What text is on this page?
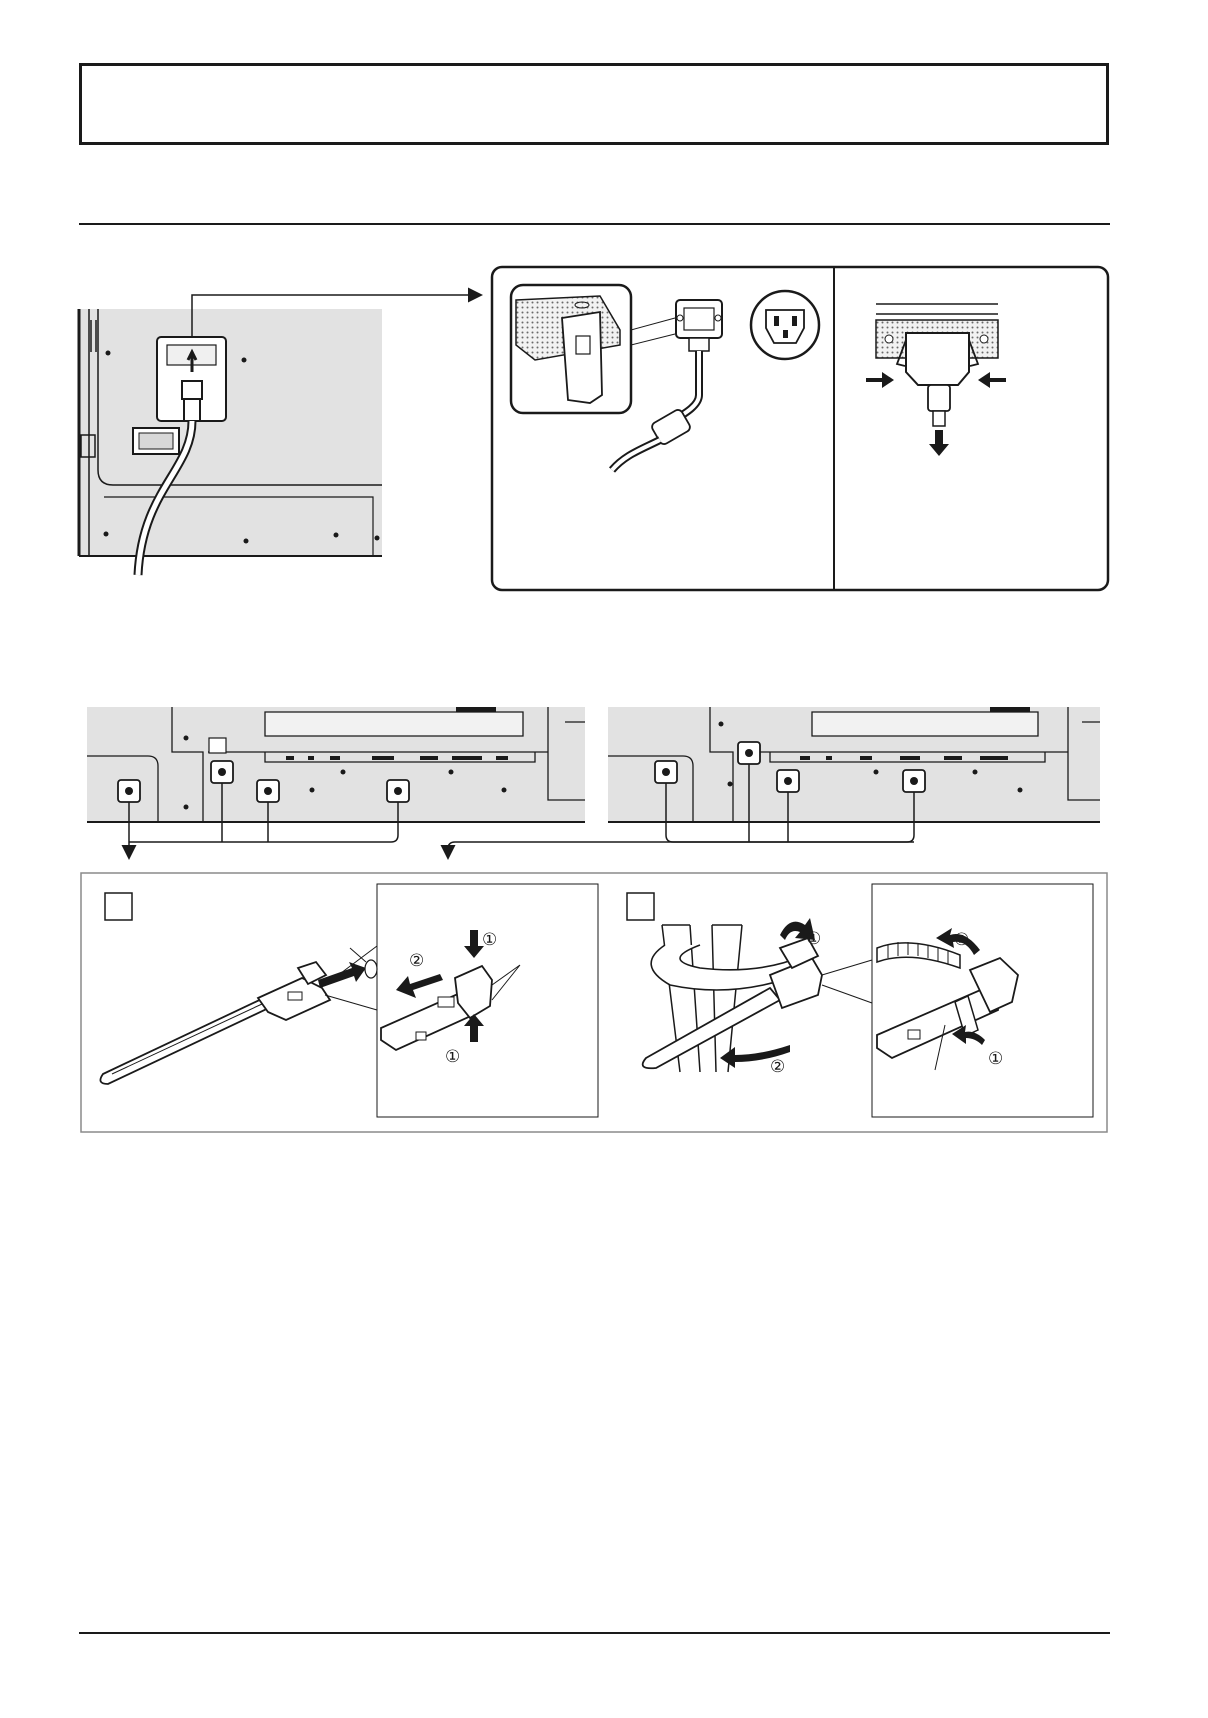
①
②
①
①
②
②
①
